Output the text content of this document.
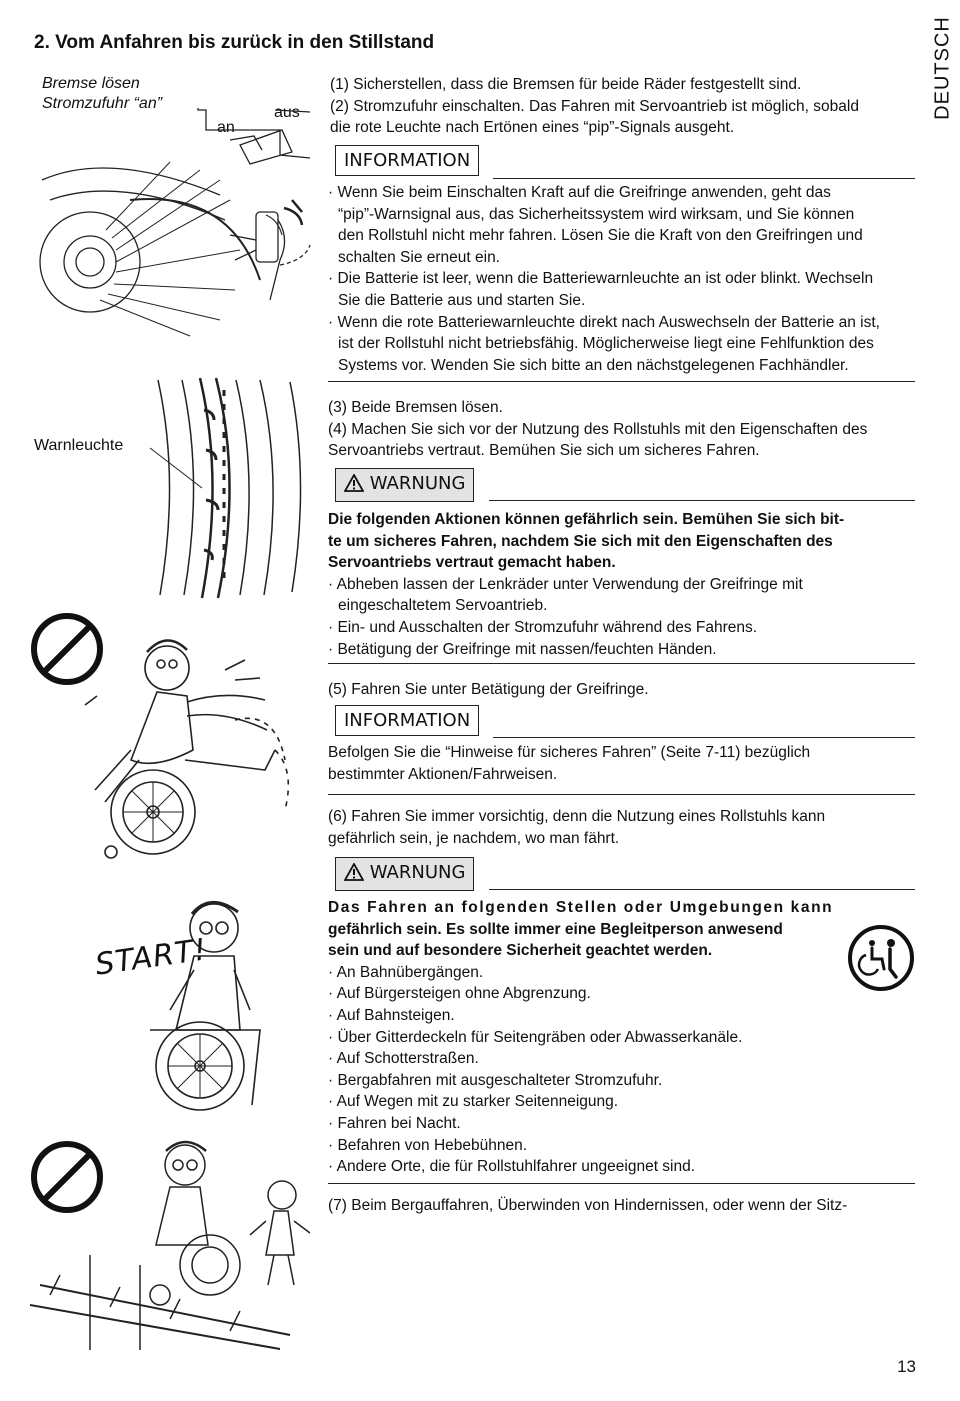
2. Vom Anfahren bis zurück in den Stillstand	DEUTSCH
Bremse lösen
Stromzufuhr “an”
aus
an
Warnleuchte
START!
(1) Sicherstellen, dass die Bremsen für beide Räder festgestellt sind.
(2) Stromzufuhr einschalten. Das Fahren mit Servoantrieb ist möglich, sobald
die rote Leuchte nach Ertönen eines “pip”-Signals ausgeht.
INFORMATION
· Wenn Sie beim Einschalten Kraft auf die Greifringe anwenden, geht das
“pip”-Warnsignal aus, das Sicherheitssystem wird wirksam, und Sie können
den Rollstuhl nicht mehr fahren. Lösen Sie die Kraft von den Greifringen und
schalten Sie erneut ein.
· Die Batterie ist leer, wenn die Batteriewarnleuchte an ist oder blinkt. Wechseln
Sie die Batterie aus und starten Sie.
· Wenn die rote Batteriewarnleuchte direkt nach Auswechseln der Batterie an ist,
ist der Rollstuhl nicht betriebsfähig. Möglicherweise liegt eine Fehlfunktion des
Systems vor. Wenden Sie sich bitte an den nächstgelegenen Fachhändler.
(3) Beide Bremsen lösen.
(4) Machen Sie sich vor der Nutzung des Rollstuhls mit den Eigenschaften des
Servoantriebs vertraut. Bemühen Sie sich um sicheres Fahren.
WARNUNG
Die folgenden Aktionen können gefährlich sein. Bemühen Sie sich bit-
te um sicheres Fahren, nachdem Sie sich mit den Eigenschaften des
Servoantriebs vertraut gemacht haben.
· Abheben lassen der Lenkräder unter Verwendung der Greifringe mit
eingeschaltetem Servoantrieb.
· Ein- und Ausschalten der Stromzufuhr während des Fahrens.
· Betätigung der Greifringe mit nassen/feuchten Händen.
(5) Fahren Sie unter Betätigung der Greifringe.
INFORMATION
Befolgen Sie die “Hinweise für sicheres Fahren” (Seite 7-11) bezüglich
bestimmter Aktionen/Fahrweisen.
(6) Fahren Sie immer vorsichtig, denn die Nutzung eines Rollstuhls kann
gefährlich sein, je nachdem, wo man fährt.
WARNUNG
Das Fahren an folgenden Stellen oder Umgebungen kann
gefährlich sein. Es sollte immer eine Begleitperson anwesend
sein und auf besondere Sicherheit geachtet werden.
· An Bahnübergängen.
· Auf Bürgersteigen ohne Abgrenzung.
· Auf Bahnsteigen.
· Über Gitterdeckeln für Seitengräben oder Abwasserkanäle.
· Auf Schotterstraßen.
· Bergabfahren mit ausgeschalteter Stromzufuhr.
· Auf Wegen mit zu starker Seitenneigung.
· Fahren bei Nacht.
· Befahren von Hebebühnen.
· Andere Orte, die für Rollstuhlfahrer ungeeignet sind.
(7) Beim Bergauffahren, Überwinden von Hindernissen, oder wenn der Sitz-
13
